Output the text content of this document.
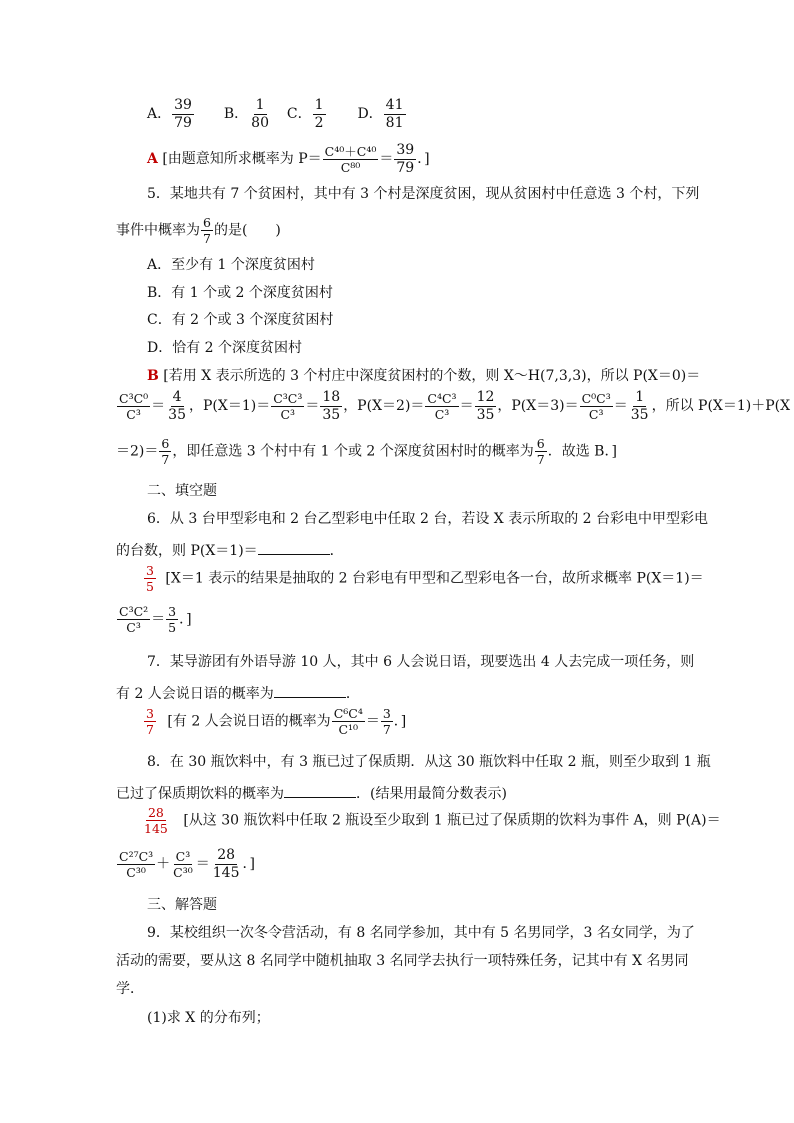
A． $\frac{39}{79}$ B． $\frac{1}{80}$ C． $\frac{1}{2}$ D． $\frac{41}{81}$
A [由题意知所求概率为 $P= \frac{\text{C⁴⁰＋C⁴⁰}}{\text{C⁸⁰}} = \frac{39}{79}$ ．]
5．某地共有 7 个贫困村，其中有 3 个村是深度贫困，现从贫困村中任意选 3 个村，下列
事件中概率为 $\frac{6}{7}$ 的是(　　)
A．至少有 1 个深度贫困村
B．有 1 个或 2 个深度贫困村
C．有 2 个或 3 个深度贫困村
D．恰有 2 个深度贫困村
B [若用 X 表示所选的 3 个村庄中深度贫困村的个数，则 X～H(7,3,3)，所以 P(X＝0)＝
$\frac{\text{C³C⁰}}{\text{C³}} = \frac{4}{35}$ ，$P(X=1)= \frac{\text{C³C³}}{\text{C³}} = \frac{18}{35}$ ，$P(X=2)= \frac{\text{C⁴C³}}{\text{C³}} = \frac{12}{35}$ ，$P(X=3)= \frac{\text{C⁰C³}}{\text{C³}} = \frac{1}{35}$ ，所以 P(X＝1)＋P(X
$=2)= \frac{6}{7}$ ，即任意选 3 个村中有 1 个或 2 个深度贫困村时的概率为 $\frac{6}{7}$ ．故选 B．]
二、填空题
6．从 3 台甲型彩电和 2 台乙型彩电中任取 2 台，若设 X 表示所取的 2 台彩电中甲型彩电
的台数，则 P(X＝1)＝	．
$\frac{3}{5} [X=1$ 表示的结果是抽取的 2 台彩电有甲型和乙型彩电各一台，故所求概率 P(X＝1)＝
$\frac{\text{C³C²}}{\text{C³}} = \frac{3}{5}$ ．]
7．某导游团有外语导游 10 人，其中 6 人会说日语，现要选出 4 人去完成一项任务，则
有 2 人会说日语的概率为	．
$\frac{3}{7}$ [有 2 人会说日语的概率为 $\frac{\text{C⁶C⁴}}{\text{C¹⁰}} = \frac{3}{7}$ ．]
8．在 30 瓶饮料中，有 3 瓶已过了保质期．从这 30 瓶饮料中任取 2 瓶，则至少取到 1 瓶
已过了保质期饮料的概率为	．(结果用最简分数表示)
$\frac{28}{145}$ [从这 30 瓶饮料中任取 2 瓶设至少取到 1 瓶已过了保质期的饮料为事件 A，则 P(A)＝
$\frac{\text{C²⁷C³}}{\text{C³⁰}} + \frac{\text{C³}}{\text{C³⁰}} = \frac{28}{145}$ ．]
三、解答题
9．某校组织一次冬令营活动，有 8 名同学参加，其中有 5 名男同学，3 名女同学，为了
活动的需要，要从这 8 名同学中随机抽取 3 名同学去执行一项特殊任务，记其中有 X 名男同
学．
(1)求 X 的分布列；
